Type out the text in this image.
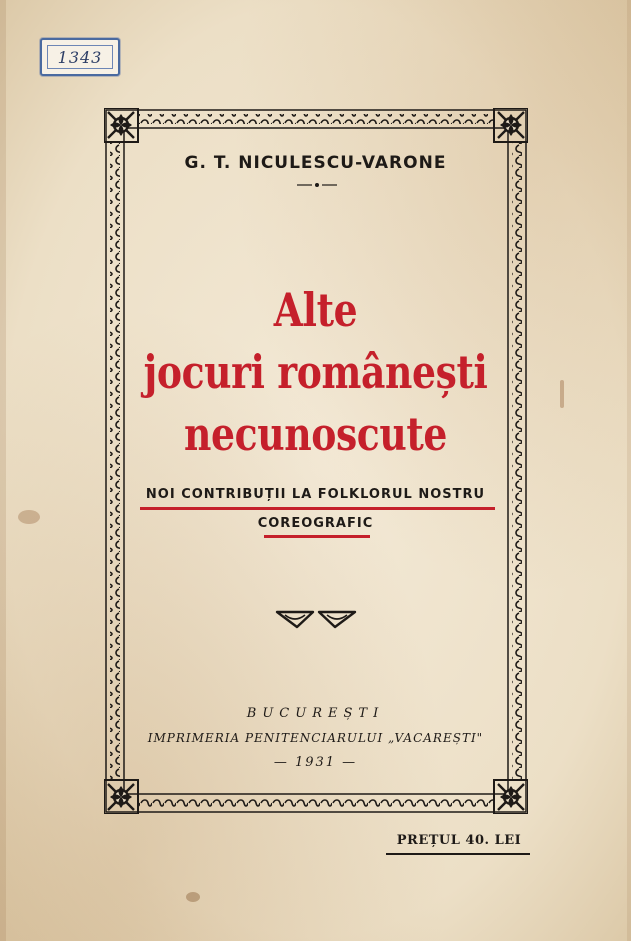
1343
G. T. NICULESCU-VARONE
Alte
jocuri românești
necunoscute
NOI CONTRIBUȚII LA FOLKLORUL NOSTRU
COREOGRAFIC
BUCUREȘTI
IMPRIMERIA PENITENCIARULUI „VACAREȘTI"
— 1931 —
PREȚUL 40. LEI
